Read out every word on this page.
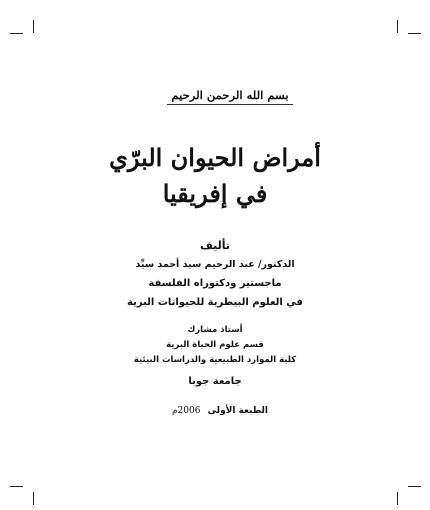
بسم الله الرحمن الرحيم
أمراض الحيوان البرّي
في إفريقيا
تأليف
الدكتور/ عبد الرحيم سيد أحمد سيِّد
ماجستير ودكتوراه الفلسفة
في العلوم البيطرية للحيوانات البرية
أستاذ مشارك
قسم علوم الحياة البرية
كلية الموارد الطبيعية والدراسات البيئية
جامعة جوبا
الطبعة الأولى 2006م
